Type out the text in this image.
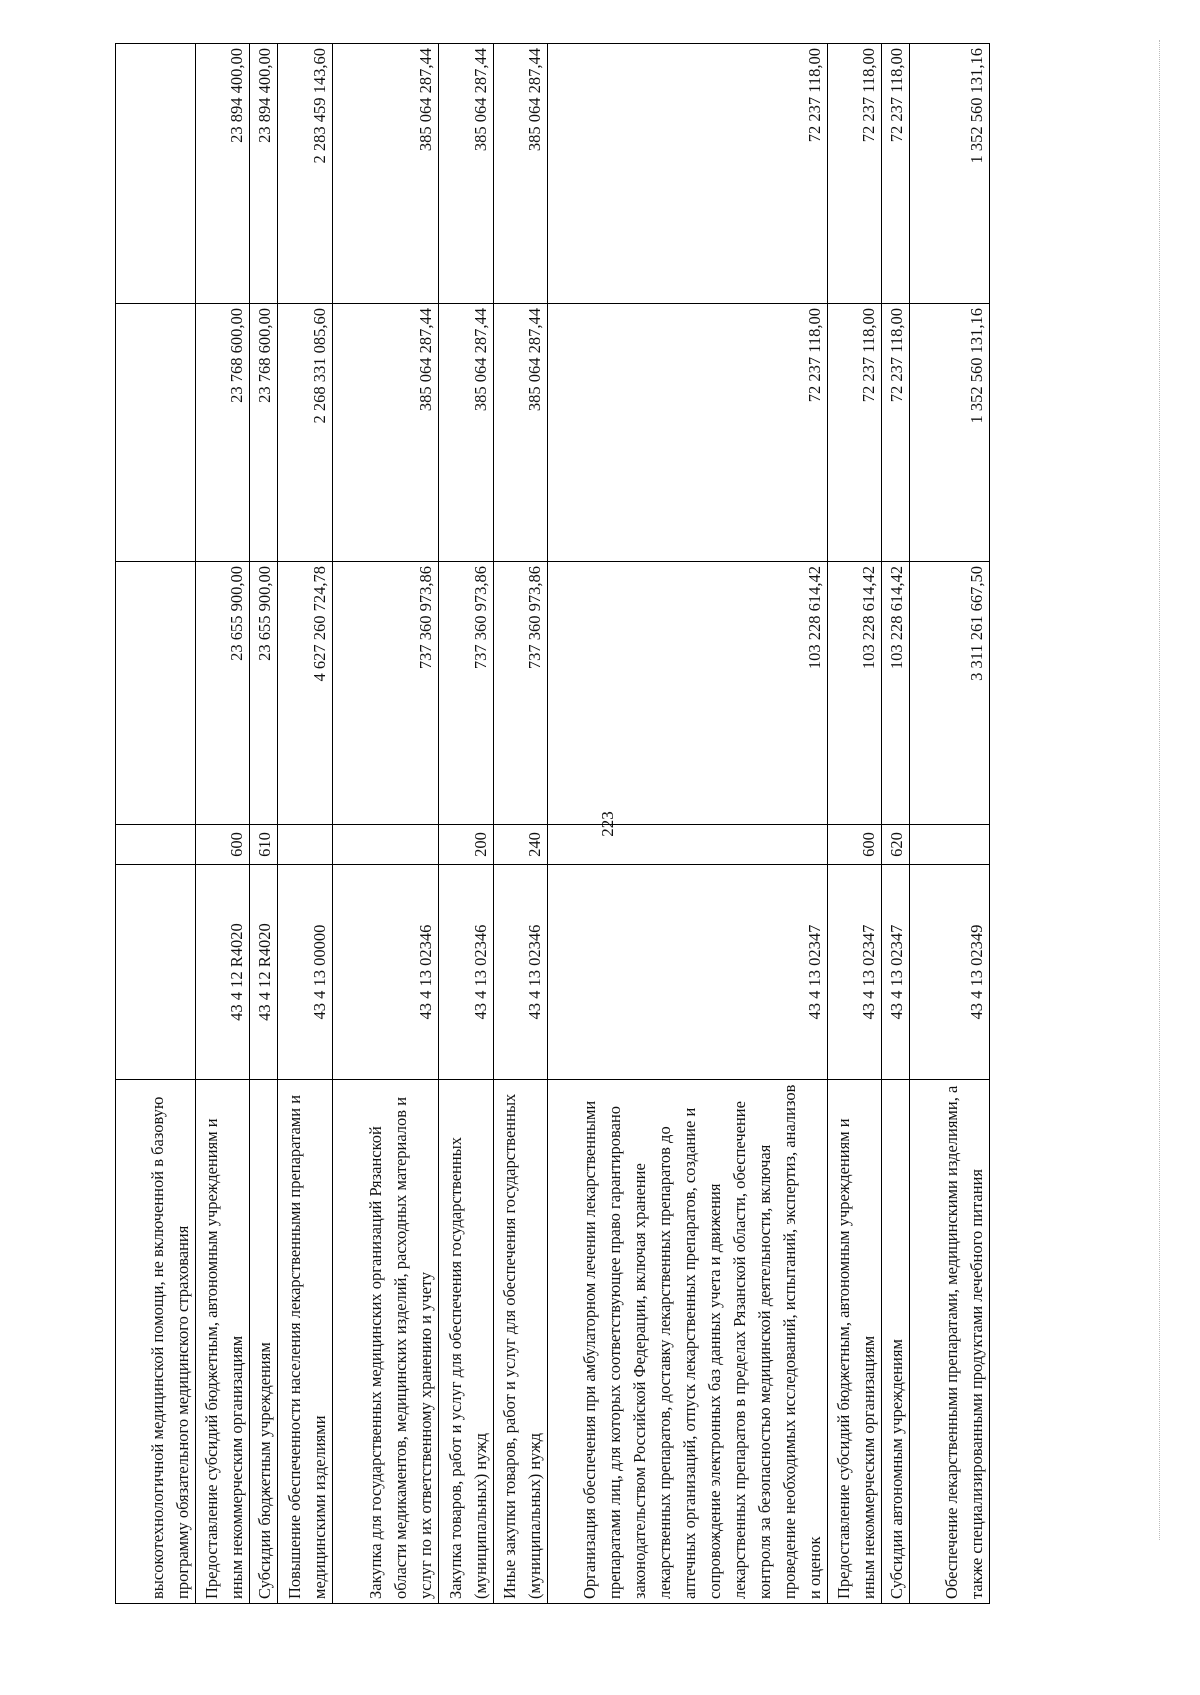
223
высокотехнологичной медицинской помощи, не включенной в базовую программу обязательного медицинского страхования					
Предоставление субсидий бюджетным, автономным учреждениям и иным некоммерческим организациям	43 4 12 R4020	600	23 655 900,00	23 768 600,00	23 894 400,00
Субсидии бюджетным учреждениям	43 4 12 R4020	610	23 655 900,00	23 768 600,00	23 894 400,00
Повышение обеспеченности населения лекарственными препаратами и медицинскими изделиями	43 4 13 00000		4 627 260 724,78	2 268 331 085,60	2 283 459 143,60
Закупка для государственных медицинских организаций Рязанской области медикаментов, медицинских изделий, расходных материалов и услуг по их ответственному хранению и учету	43 4 13 02346		737 360 973,86	385 064 287,44	385 064 287,44
Закупка товаров, работ и услуг для обеспечения государственных (муниципальных) нужд	43 4 13 02346	200	737 360 973,86	385 064 287,44	385 064 287,44
Иные закупки товаров, работ и услуг для обеспечения государственных (муниципальных) нужд	43 4 13 02346	240	737 360 973,86	385 064 287,44	385 064 287,44
Организация обеспечения при амбулаторном лечении лекарственными препаратами лиц, для которых соответствующее право гарантировано законодательством Российской Федерации, включая хранение лекарственных препаратов, доставку лекарственных препаратов до аптечных организаций, отпуск лекарственных препаратов, создание и сопровождение электронных баз данных учета и движения лекарственных препаратов в пределах Рязанской области, обеспечение контроля за безопасностью медицинской деятельности, включая проведение необходимых исследований, испытаний, экспертиз, анализов и оценок	43 4 13 02347		103 228 614,42	72 237 118,00	72 237 118,00
Предоставление субсидий бюджетным, автономным учреждениям и иным некоммерческим организациям	43 4 13 02347	600	103 228 614,42	72 237 118,00	72 237 118,00
Субсидии автономным учреждениям	43 4 13 02347	620	103 228 614,42	72 237 118,00	72 237 118,00
Обеспечение лекарственными препаратами, медицинскими изделиями, а также специализированными продуктами лечебного питания	43 4 13 02349		3 311 261 667,50	1 352 560 131,16	1 352 560 131,16
